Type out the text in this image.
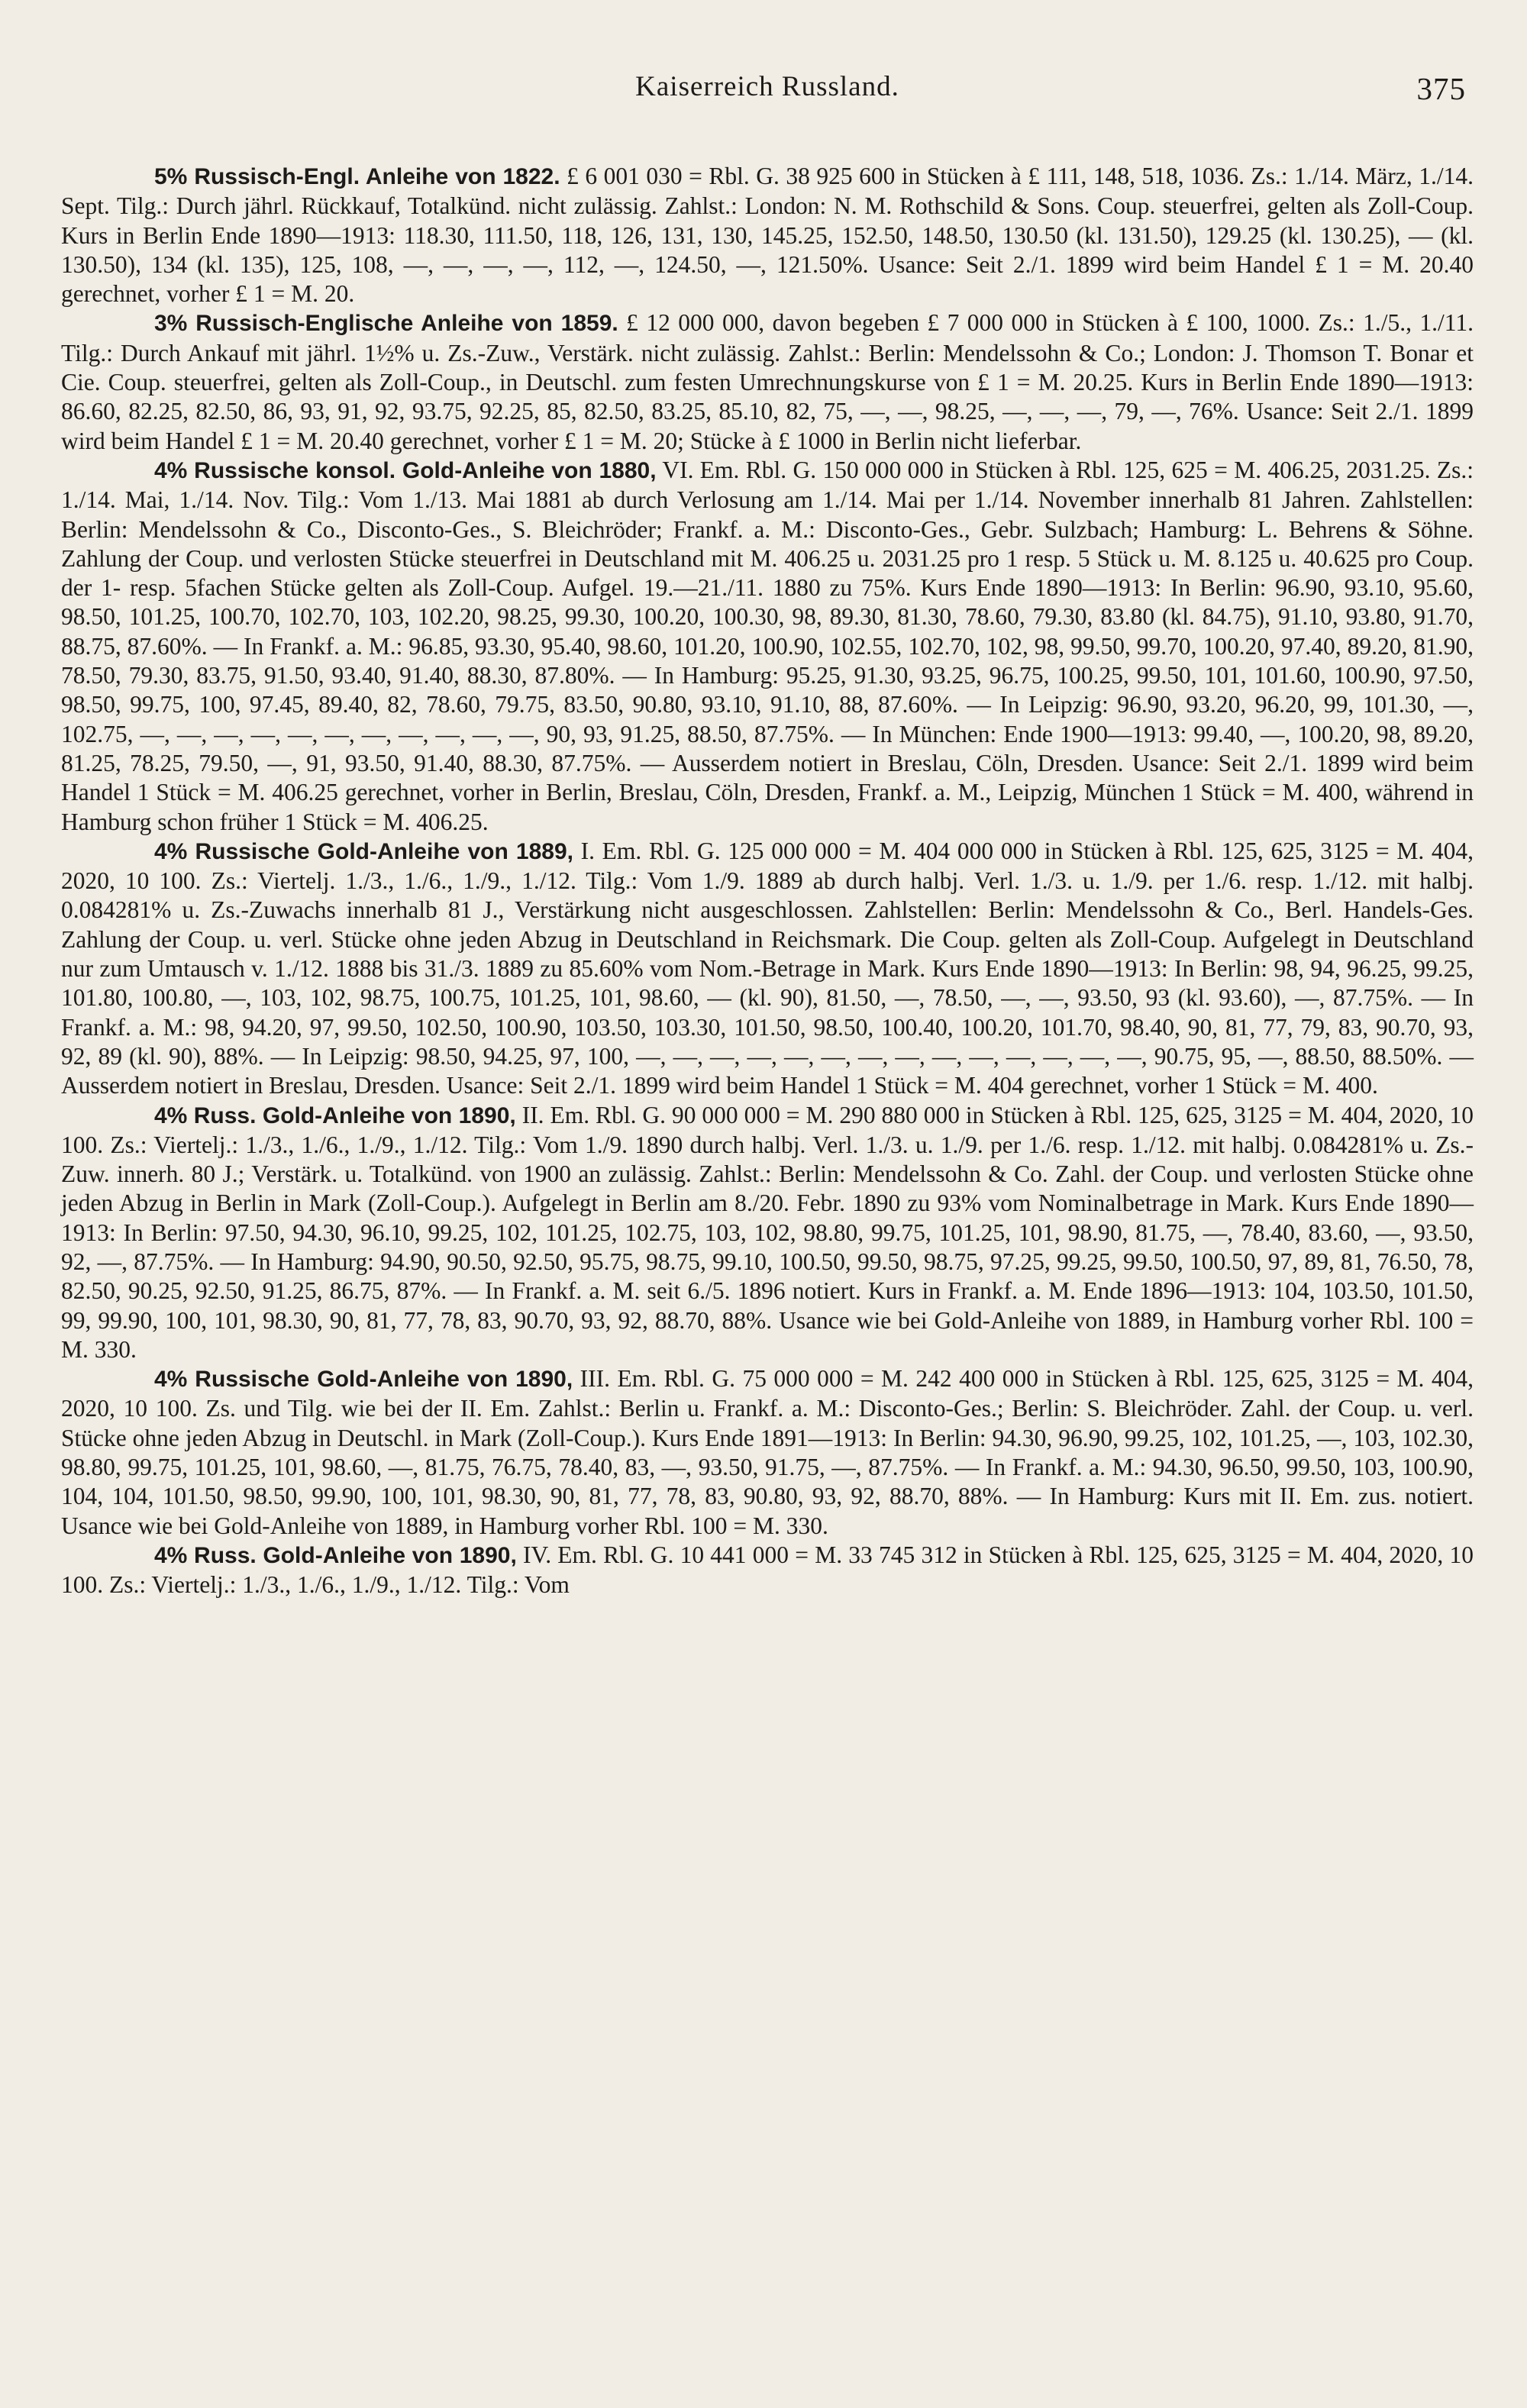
Kaiserreich Russland.	375

5% Russisch-Engl. Anleihe von 1822. £ 6 001 030 = Rbl. G. 38 925 600 in Stücken à £ 111, 148, 518, 1036. Zs.: 1./14. März, 1./14. Sept. Tilg.: Durch jährl. Rückkauf, Totalkünd. nicht zulässig. Zahlst.: London: N. M. Rothschild & Sons. Coup. steuerfrei, gelten als Zoll-Coup. Kurs in Berlin Ende 1890—1913: 118.30, 111.50, 118, 126, 131, 130, 145.25, 152.50, 148.50, 130.50 (kl. 131.50), 129.25 (kl. 130.25), — (kl. 130.50), 134 (kl. 135), 125, 108, —, —, —, —, 112, —, 124.50, —, 121.50%. Usance: Seit 2./1. 1899 wird beim Handel £ 1 = M. 20.40 gerechnet, vorher £ 1 = M. 20.

3% Russisch-Englische Anleihe von 1859. £ 12 000 000, davon begeben £ 7 000 000 in Stücken à £ 100, 1000. Zs.: 1./5., 1./11. Tilg.: Durch Ankauf mit jährl. 1½% u. Zs.-Zuw., Verstärk. nicht zulässig. Zahlst.: Berlin: Mendelssohn & Co.; London: J. Thomson T. Bonar et Cie. Coup. steuerfrei, gelten als Zoll-Coup., in Deutschl. zum festen Umrechnungskurse von £ 1 = M. 20.25. Kurs in Berlin Ende 1890—1913: 86.60, 82.25, 82.50, 86, 93, 91, 92, 93.75, 92.25, 85, 82.50, 83.25, 85.10, 82, 75, —, —, 98.25, —, —, —, 79, —, 76%. Usance: Seit 2./1. 1899 wird beim Handel £ 1 = M. 20.40 gerechnet, vorher £ 1 = M. 20; Stücke à £ 1000 in Berlin nicht lieferbar.

4% Russische konsol. Gold-Anleihe von 1880, VI. Em. Rbl. G. 150 000 000 in Stücken à Rbl. 125, 625 = M. 406.25, 2031.25. Zs.: 1./14. Mai, 1./14. Nov. Tilg.: Vom 1./13. Mai 1881 ab durch Verlosung am 1./14. Mai per 1./14. November innerhalb 81 Jahren. Zahlstellen: Berlin: Mendelssohn & Co., Disconto-Ges., S. Bleichröder; Frankf. a. M.: Disconto-Ges., Gebr. Sulzbach; Hamburg: L. Behrens & Söhne. Zahlung der Coup. und verlosten Stücke steuerfrei in Deutschland mit M. 406.25 u. 2031.25 pro 1 resp. 5 Stück u. M. 8.125 u. 40.625 pro Coup. der 1- resp. 5fachen Stücke gelten als Zoll-Coup. Aufgel. 19.—21./11. 1880 zu 75%. Kurs Ende 1890—1913: In Berlin: 96.90, 93.10, 95.60, 98.50, 101.25, 100.70, 102.70, 103, 102.20, 98.25, 99.30, 100.20, 100.30, 98, 89.30, 81.30, 78.60, 79.30, 83.80 (kl. 84.75), 91.10, 93.80, 91.70, 88.75, 87.60%. — In Frankf. a. M.: 96.85, 93.30, 95.40, 98.60, 101.20, 100.90, 102.55, 102.70, 102, 98, 99.50, 99.70, 100.20, 97.40, 89.20, 81.90, 78.50, 79.30, 83.75, 91.50, 93.40, 91.40, 88.30, 87.80%. — In Hamburg: 95.25, 91.30, 93.25, 96.75, 100.25, 99.50, 101, 101.60, 100.90, 97.50, 98.50, 99.75, 100, 97.45, 89.40, 82, 78.60, 79.75, 83.50, 90.80, 93.10, 91.10, 88, 87.60%. — In Leipzig: 96.90, 93.20, 96.20, 99, 101.30, —, 102.75, —, —, —, —, —, —, —, —, —, —, —, 90, 93, 91.25, 88.50, 87.75%. — In München: Ende 1900—1913: 99.40, —, 100.20, 98, 89.20, 81.25, 78.25, 79.50, —, 91, 93.50, 91.40, 88.30, 87.75%. — Ausserdem notiert in Breslau, Cöln, Dresden. Usance: Seit 2./1. 1899 wird beim Handel 1 Stück = M. 406.25 gerechnet, vorher in Berlin, Breslau, Cöln, Dresden, Frankf. a. M., Leipzig, München 1 Stück = M. 400, während in Hamburg schon früher 1 Stück = M. 406.25.

4% Russische Gold-Anleihe von 1889, I. Em. Rbl. G. 125 000 000 = M. 404 000 000 in Stücken à Rbl. 125, 625, 3125 = M. 404, 2020, 10 100. Zs.: Viertelj. 1./3., 1./6., 1./9., 1./12. Tilg.: Vom 1./9. 1889 ab durch halbj. Verl. 1./3. u. 1./9. per 1./6. resp. 1./12. mit halbj. 0.084281% u. Zs.-Zuwachs innerhalb 81 J., Verstärkung nicht ausgeschlossen. Zahlstellen: Berlin: Mendelssohn & Co., Berl. Handels-Ges. Zahlung der Coup. u. verl. Stücke ohne jeden Abzug in Deutschland in Reichsmark. Die Coup. gelten als Zoll-Coup. Aufgelegt in Deutschland nur zum Umtausch v. 1./12. 1888 bis 31./3. 1889 zu 85.60% vom Nom.-Betrage in Mark. Kurs Ende 1890—1913: In Berlin: 98, 94, 96.25, 99.25, 101.80, 100.80, —, 103, 102, 98.75, 100.75, 101.25, 101, 98.60, — (kl. 90), 81.50, —, 78.50, —, —, 93.50, 93 (kl. 93.60), —, 87.75%. — In Frankf. a. M.: 98, 94.20, 97, 99.50, 102.50, 100.90, 103.50, 103.30, 101.50, 98.50, 100.40, 100.20, 101.70, 98.40, 90, 81, 77, 79, 83, 90.70, 93, 92, 89 (kl. 90), 88%. — In Leipzig: 98.50, 94.25, 97, 100, —, —, —, —, —, —, —, —, —, —, —, —, —, —, 90.75, 95, —, 88.50, 88.50%. — Ausserdem notiert in Breslau, Dresden. Usance: Seit 2./1. 1899 wird beim Handel 1 Stück = M. 404 gerechnet, vorher 1 Stück = M. 400.

4% Russ. Gold-Anleihe von 1890, II. Em. Rbl. G. 90 000 000 = M. 290 880 000 in Stücken à Rbl. 125, 625, 3125 = M. 404, 2020, 10 100. Zs.: Viertelj.: 1./3., 1./6., 1./9., 1./12. Tilg.: Vom 1./9. 1890 durch halbj. Verl. 1./3. u. 1./9. per 1./6. resp. 1./12. mit halbj. 0.084281% u. Zs.-Zuw. innerh. 80 J.; Verstärk. u. Totalkünd. von 1900 an zulässig. Zahlst.: Berlin: Mendelssohn & Co. Zahl. der Coup. und verlosten Stücke ohne jeden Abzug in Berlin in Mark (Zoll-Coup.). Aufgelegt in Berlin am 8./20. Febr. 1890 zu 93% vom Nominalbetrage in Mark. Kurs Ende 1890—1913: In Berlin: 97.50, 94.30, 96.10, 99.25, 102, 101.25, 102.75, 103, 102, 98.80, 99.75, 101.25, 101, 98.90, 81.75, —, 78.40, 83.60, —, 93.50, 92, —, 87.75%. — In Hamburg: 94.90, 90.50, 92.50, 95.75, 98.75, 99.10, 100.50, 99.50, 98.75, 97.25, 99.25, 99.50, 100.50, 97, 89, 81, 76.50, 78, 82.50, 90.25, 92.50, 91.25, 86.75, 87%. — In Frankf. a. M. seit 6./5. 1896 notiert. Kurs in Frankf. a. M. Ende 1896—1913: 104, 103.50, 101.50, 99, 99.90, 100, 101, 98.30, 90, 81, 77, 78, 83, 90.70, 93, 92, 88.70, 88%. Usance wie bei Gold-Anleihe von 1889, in Hamburg vorher Rbl. 100 = M. 330.

4% Russische Gold-Anleihe von 1890, III. Em. Rbl. G. 75 000 000 = M. 242 400 000 in Stücken à Rbl. 125, 625, 3125 = M. 404, 2020, 10 100. Zs. und Tilg. wie bei der II. Em. Zahlst.: Berlin u. Frankf. a. M.: Disconto-Ges.; Berlin: S. Bleichröder. Zahl. der Coup. u. verl. Stücke ohne jeden Abzug in Deutschl. in Mark (Zoll-Coup.). Kurs Ende 1891—1913: In Berlin: 94.30, 96.90, 99.25, 102, 101.25, —, 103, 102.30, 98.80, 99.75, 101.25, 101, 98.60, —, 81.75, 76.75, 78.40, 83, —, 93.50, 91.75, —, 87.75%. — In Frankf. a. M.: 94.30, 96.50, 99.50, 103, 100.90, 104, 104, 101.50, 98.50, 99.90, 100, 101, 98.30, 90, 81, 77, 78, 83, 90.80, 93, 92, 88.70, 88%. — In Hamburg: Kurs mit II. Em. zus. notiert. Usance wie bei Gold-Anleihe von 1889, in Hamburg vorher Rbl. 100 = M. 330.

4% Russ. Gold-Anleihe von 1890, IV. Em. Rbl. G. 10 441 000 = M. 33 745 312 in Stücken à Rbl. 125, 625, 3125 = M. 404, 2020, 10 100. Zs.: Viertelj.: 1./3., 1./6., 1./9., 1./12. Tilg.: Vom
